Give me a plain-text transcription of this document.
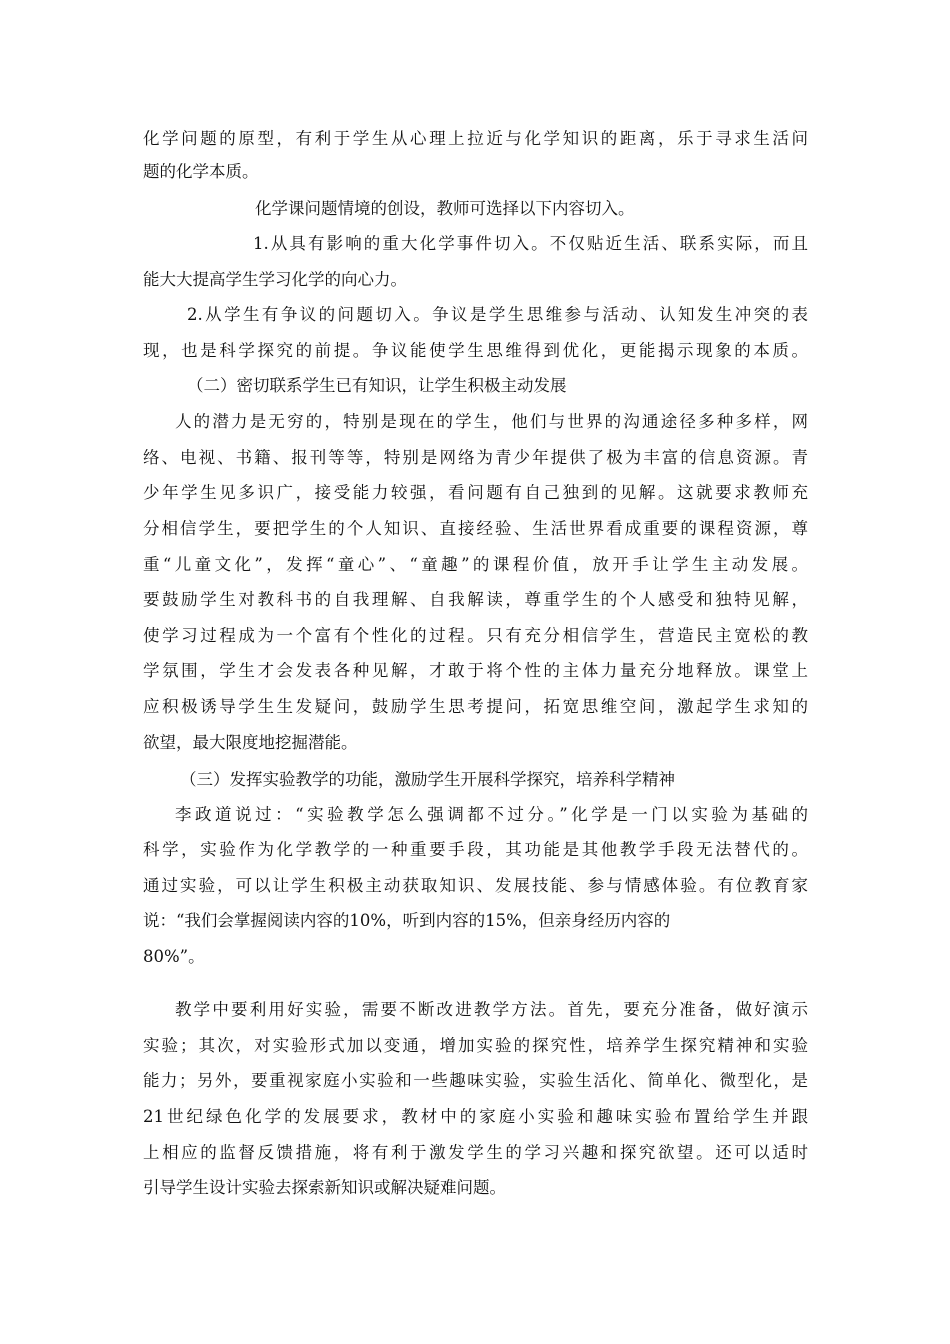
化学问题的原型，有利于学生从心理上拉近与化学知识的距离，乐于寻求生活问
题的化学本质。
化学课问题情境的创设，教师可选择以下内容切入。
1.从具有影响的重大化学事件切入。不仅贴近生活、联系实际，而且
能大大提高学生学习化学的向心力。
2.从学生有争议的问题切入。争议是学生思维参与活动、认知发生冲突的表
现，也是科学探究的前提。争议能使学生思维得到优化，更能揭示现象的本质。
（二）密切联系学生已有知识，让学生积极主动发展
人的潜力是无穷的，特别是现在的学生，他们与世界的沟通途径多种多样，网
络、电视、书籍、报刊等等，特别是网络为青少年提供了极为丰富的信息资源。青
少年学生见多识广，接受能力较强，看问题有自己独到的见解。这就要求教师充
分相信学生，要把学生的个人知识、直接经验、生活世界看成重要的课程资源，尊
重“儿童文化”，发挥“童心”、“童趣”的课程价值，放开手让学生主动发展。
要鼓励学生对教科书的自我理解、自我解读，尊重学生的个人感受和独特见解，
使学习过程成为一个富有个性化的过程。只有充分相信学生，营造民主宽松的教
学氛围，学生才会发表各种见解，才敢于将个性的主体力量充分地释放。课堂上
应积极诱导学生生发疑问，鼓励学生思考提问，拓宽思维空间，激起学生求知的
欲望，最大限度地挖掘潜能。
（三）发挥实验教学的功能，激励学生开展科学探究，培养科学精神
李政道说过：“实验教学怎么强调都不过分。”化学是一门以实验为基础的
科学，实验作为化学教学的一种重要手段，其功能是其他教学手段无法替代的。
通过实验，可以让学生积极主动获取知识、发展技能、参与情感体验。有位教育家
说：“我们会掌握阅读内容的10%，听到内容的15%，但亲身经历内容的
80%”。
教学中要利用好实验，需要不断改进教学方法。首先，要充分准备，做好演示
实验；其次，对实验形式加以变通，增加实验的探究性，培养学生探究精神和实验
能力；另外，要重视家庭小实验和一些趣味实验，实验生活化、简单化、微型化，是
21世纪绿色化学的发展要求，教材中的家庭小实验和趣味实验布置给学生并跟
上相应的监督反馈措施，将有利于激发学生的学习兴趣和探究欲望。还可以适时
引导学生设计实验去探索新知识或解决疑难问题。
